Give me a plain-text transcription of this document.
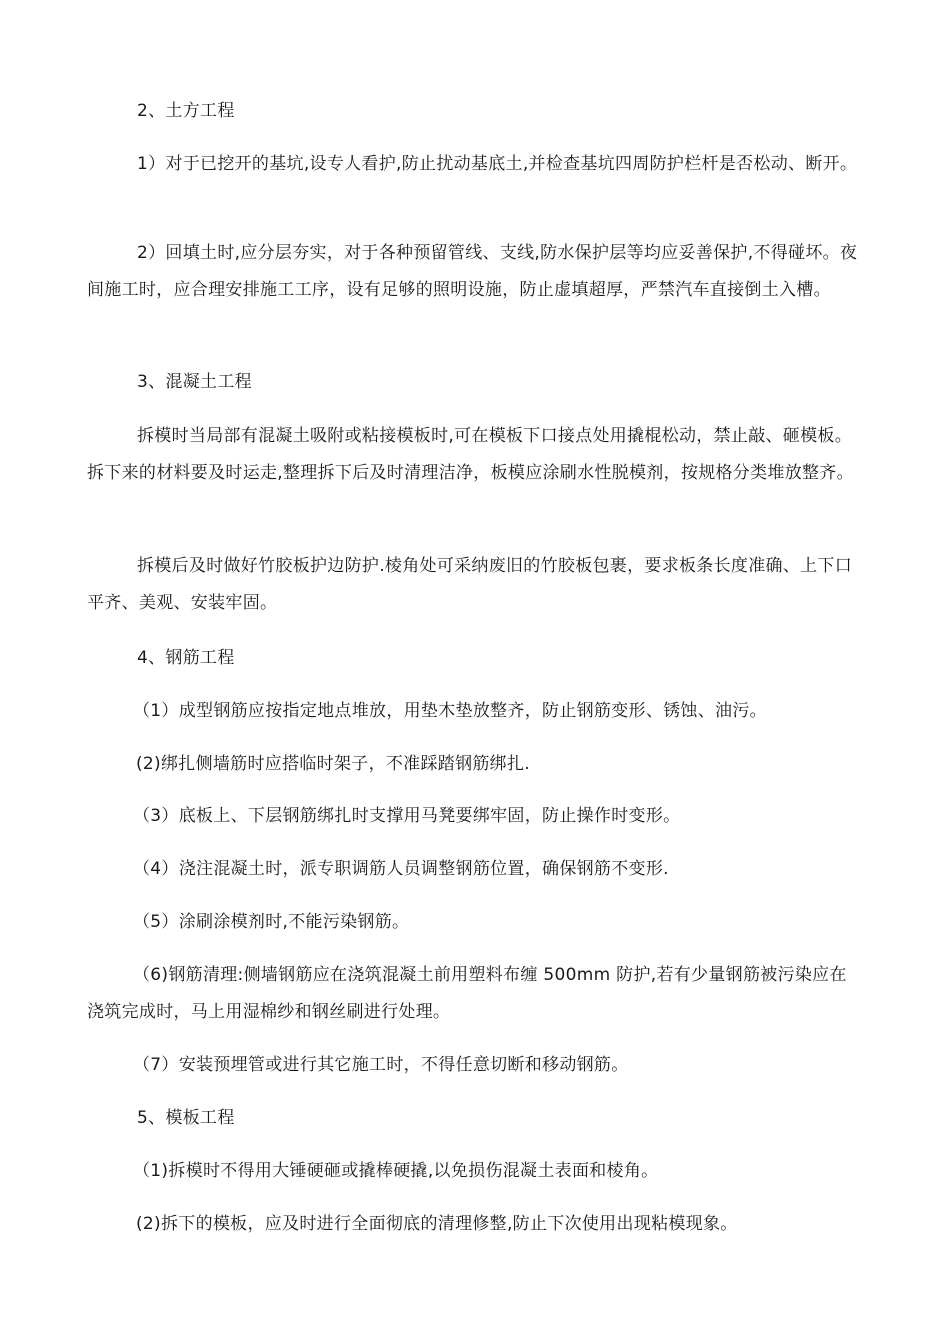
2、土方工程

1）对于已挖开的基坑,设专人看护,防止扰动基底土,并检查基坑四周防护栏杆是否松动、断开。

2）回填土时,应分层夯实，对于各种预留管线、支线,防水保护层等均应妥善保护,不得碰坏。夜间施工时，应合理安排施工工序，设有足够的照明设施，防止虚填超厚，严禁汽车直接倒土入槽。

3、混凝土工程

拆模时当局部有混凝土吸附或粘接模板时,可在模板下口接点处用撬棍松动，禁止敲、砸模板。拆下来的材料要及时运走,整理拆下后及时清理洁净，板模应涂刷水性脱模剂，按规格分类堆放整齐。

拆模后及时做好竹胶板护边防护.棱角处可采纳废旧的竹胶板包裹，要求板条长度准确、上下口平齐、美观、安装牢固。

4、钢筋工程

（1）成型钢筋应按指定地点堆放，用垫木垫放整齐，防止钢筋变形、锈蚀、油污。

(2)绑扎侧墙筋时应搭临时架子，不准踩踏钢筋绑扎.

（3）底板上、下层钢筋绑扎时支撑用马凳要绑牢固，防止操作时变形。

（4）浇注混凝土时，派专职调筋人员调整钢筋位置，确保钢筋不变形.

（5）涂刷涂模剂时,不能污染钢筋。

（6)钢筋清理:侧墙钢筋应在浇筑混凝土前用塑料布缠 500mm 防护,若有少量钢筋被污染应在浇筑完成时，马上用湿棉纱和钢丝刷进行处理。

（7）安装预埋管或进行其它施工时，不得任意切断和移动钢筋。

5、模板工程

（1)拆模时不得用大锤硬砸或撬棒硬撬,以免损伤混凝土表面和棱角。

(2)拆下的模板，应及时进行全面彻底的清理修整,防止下次使用出现粘模现象。
